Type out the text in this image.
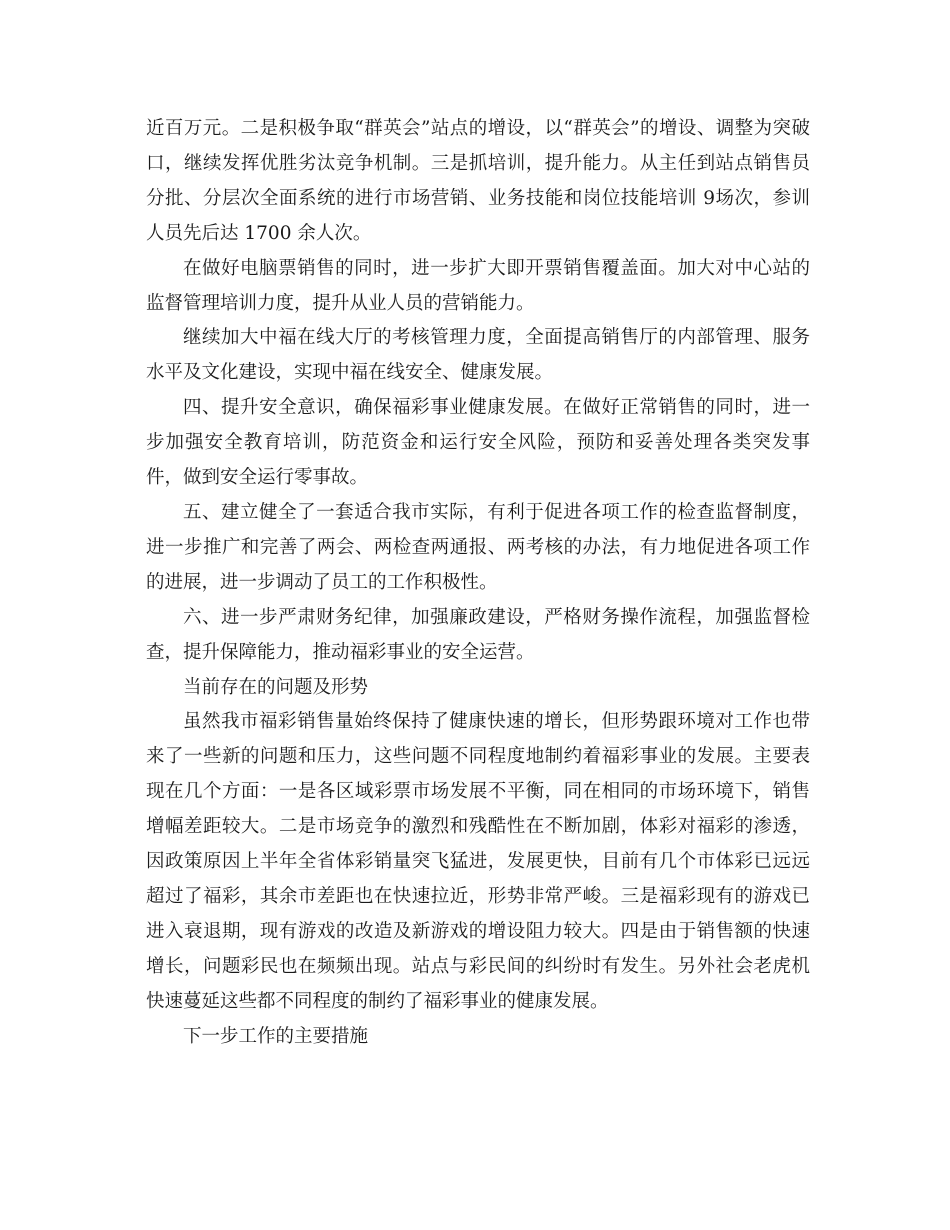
近百万元。二是积极争取“群英会”站点的增设，以“群英会”的增设、调整为突破口，继续发挥优胜劣汰竞争机制。三是抓培训，提升能力。从主任到站点销售员分批、分层次全面系统的进行市场营销、业务技能和岗位技能培训 9场次，参训人员先后达 1700 余人次。

在做好电脑票销售的同时，进一步扩大即开票销售覆盖面。加大对中心站的监督管理培训力度，提升从业人员的营销能力。

继续加大中福在线大厅的考核管理力度，全面提高销售厅的内部管理、服务水平及文化建设，实现中福在线安全、健康发展。

四、提升安全意识，确保福彩事业健康发展。在做好正常销售的同时，进一步加强安全教育培训，防范资金和运行安全风险，预防和妥善处理各类突发事件，做到安全运行零事故。

五、建立健全了一套适合我市实际，有利于促进各项工作的检查监督制度，进一步推广和完善了两会、两检查两通报、两考核的办法，有力地促进各项工作的进展，进一步调动了员工的工作积极性。

六、进一步严肃财务纪律，加强廉政建设，严格财务操作流程，加强监督检查，提升保障能力，推动福彩事业的安全运营。

当前存在的问题及形势

虽然我市福彩销售量始终保持了健康快速的增长，但形势跟环境对工作也带来了一些新的问题和压力，这些问题不同程度地制约着福彩事业的发展。主要表现在几个方面：一是各区域彩票市场发展不平衡，同在相同的市场环境下，销售增幅差距较大。二是市场竞争的激烈和残酷性在不断加剧，体彩对福彩的渗透，因政策原因上半年全省体彩销量突飞猛进，发展更快，目前有几个市体彩已远远超过了福彩，其余市差距也在快速拉近，形势非常严峻。三是福彩现有的游戏已进入衰退期，现有游戏的改造及新游戏的增设阻力较大。四是由于销售额的快速增长，问题彩民也在频频出现。站点与彩民间的纠纷时有发生。另外社会老虎机快速蔓延这些都不同程度的制约了福彩事业的健康发展。

下一步工作的主要措施
